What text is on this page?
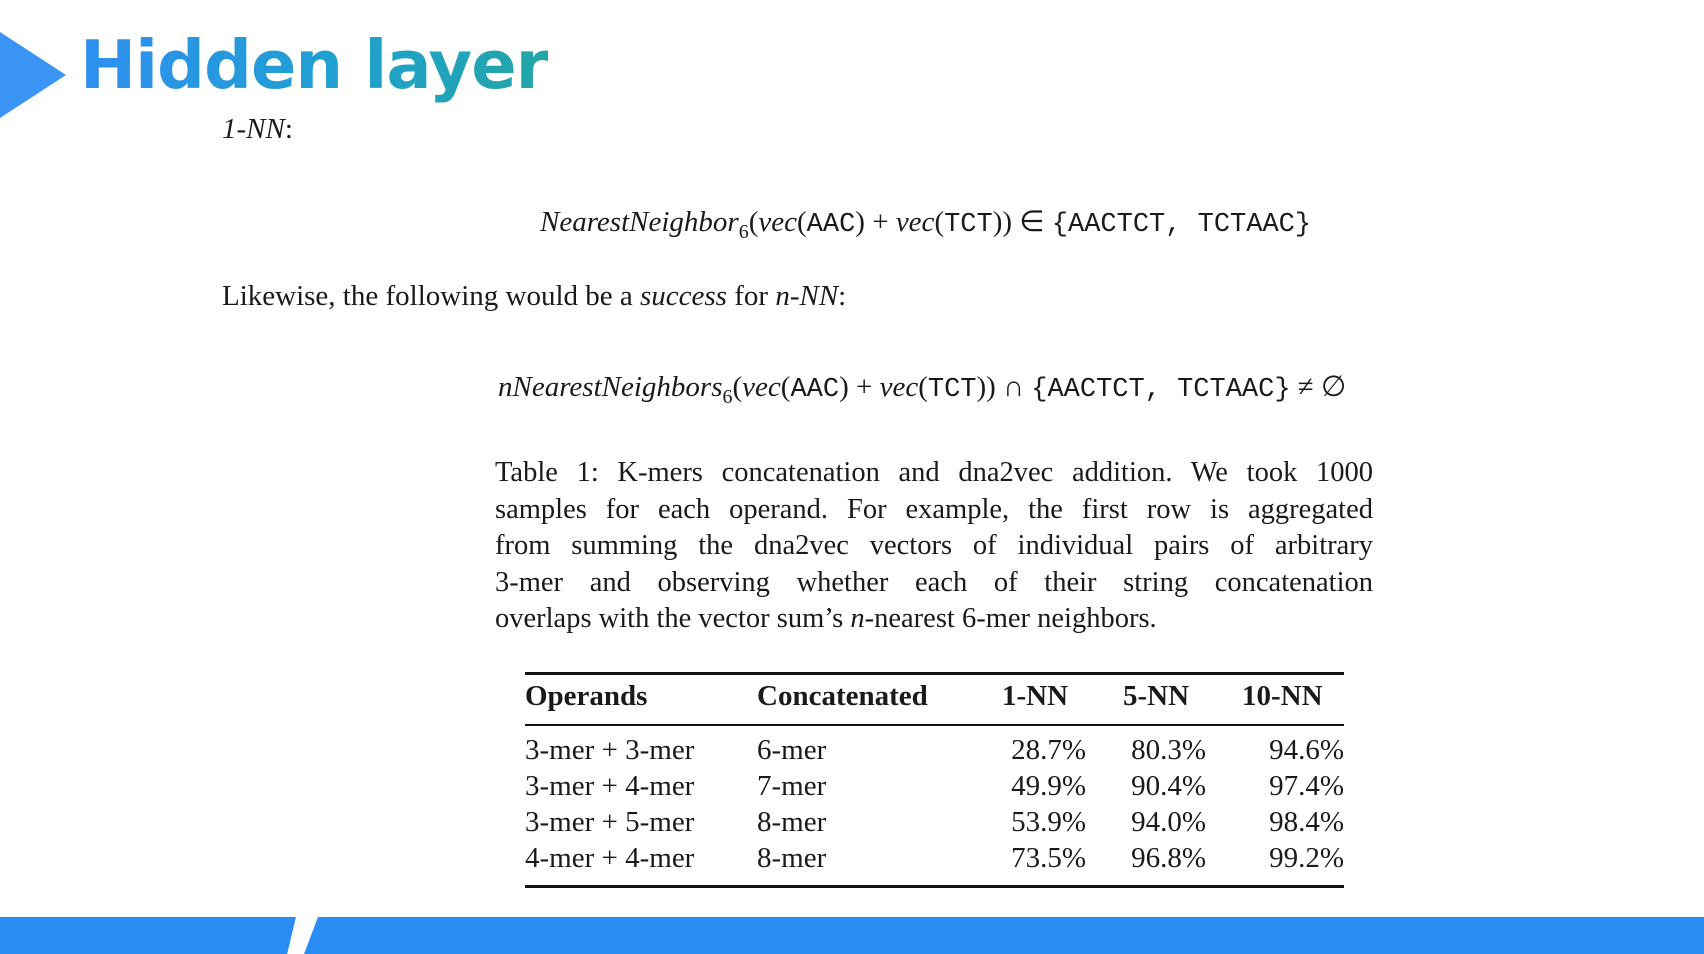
Hidden layer
1-NN:
NearestNeighbor$_6$(vec(AAC) + vec(TCT)) ∈ {AACTCT, TCTAAC}
Likewise, the following would be a success for n-NN:
nNearestNeighbors$_6$(vec(AAC) + vec(TCT)) ∩ {AACTCT, TCTAAC} ≠ ∅
Table 1: K-mers concatenation and dna2vec addition. We took 1000
samples for each operand. For example, the first row is aggregated
from summing the dna2vec vectors of individual pairs of arbitrary
3-mer and observing whether each of their string concatenation
overlaps with the vector sum’s n-nearest 6-mer neighbors.
Operands	Concatenated	1-NN 5-NN 10-NN
3-mer + 3-mer 6-mer	28.7% 80.3% 94.6%
3-mer + 4-mer 7-mer	49.9% 90.4% 97.4%
3-mer + 5-mer 8-mer	53.9% 94.0% 98.4%
4-mer + 4-mer 8-mer	73.5% 96.8% 99.2%
